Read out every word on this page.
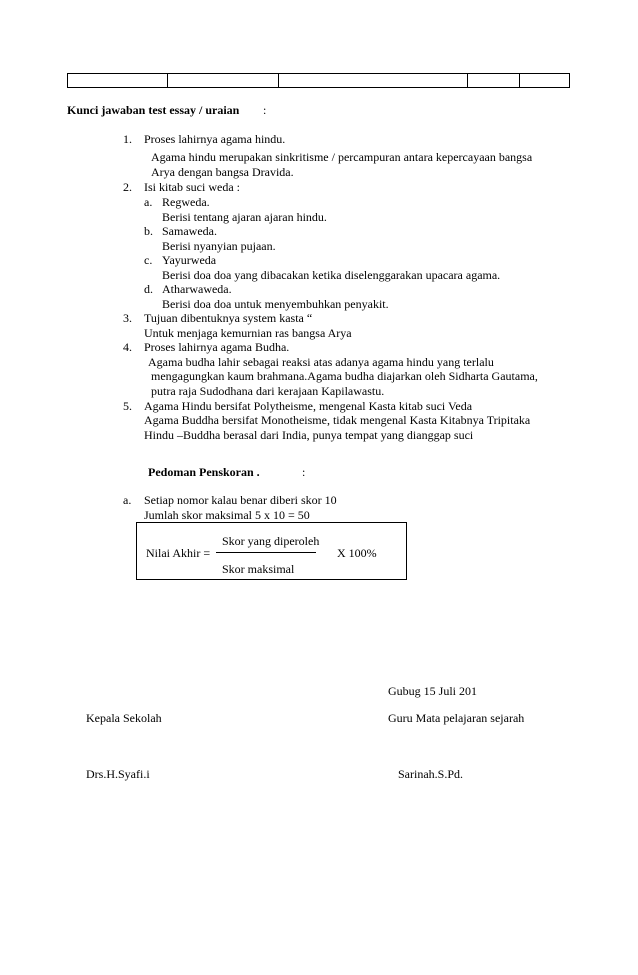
Kunci jawaban test essay / uraian :
1. Proses lahirnya agama hindu.
Agama hindu merupakan sinkritisme / percampuran antara kepercayaan bangsa
Arya dengan bangsa Dravida.
2. Isi kitab suci weda :
a. Regweda.
Berisi tentang ajaran ajaran hindu.
b. Samaweda.
Berisi nyanyian pujaan.
c. Yayurweda
Berisi doa doa yang dibacakan ketika diselenggarakan upacara agama.
d. Atharwaweda.
Berisi doa doa untuk menyembuhkan penyakit.
3. Tujuan dibentuknya system kasta “
Untuk menjaga kemurnian ras bangsa Arya
4. Proses lahirnya agama Budha.
Agama budha lahir sebagai reaksi atas adanya agama hindu yang terlalu
mengagungkan kaum brahmana.Agama budha diajarkan oleh Sidharta Gautama,
putra raja Sudodhana dari kerajaan Kapilawastu.
5. Agama Hindu bersifat Polytheisme, mengenal Kasta kitab suci Veda
Agama Buddha bersifat Monotheisme, tidak mengenal Kasta Kitabnya Tripitaka
Hindu –Buddha berasal dari India, punya tempat yang dianggap suci
Pedoman Penskoran .	:
a. Setiap nomor kalau benar diberi skor 10
Jumlah skor maksimal 5 x 10 = 50
Skor yang diperoleh
Nilai Akhir =	X 100%
Skor maksimal
Gubug 15 Juli 201
Kepala Sekolah	Guru Mata pelajaran sejarah
Drs.H.Syafi.i	Sarinah.S.Pd.
